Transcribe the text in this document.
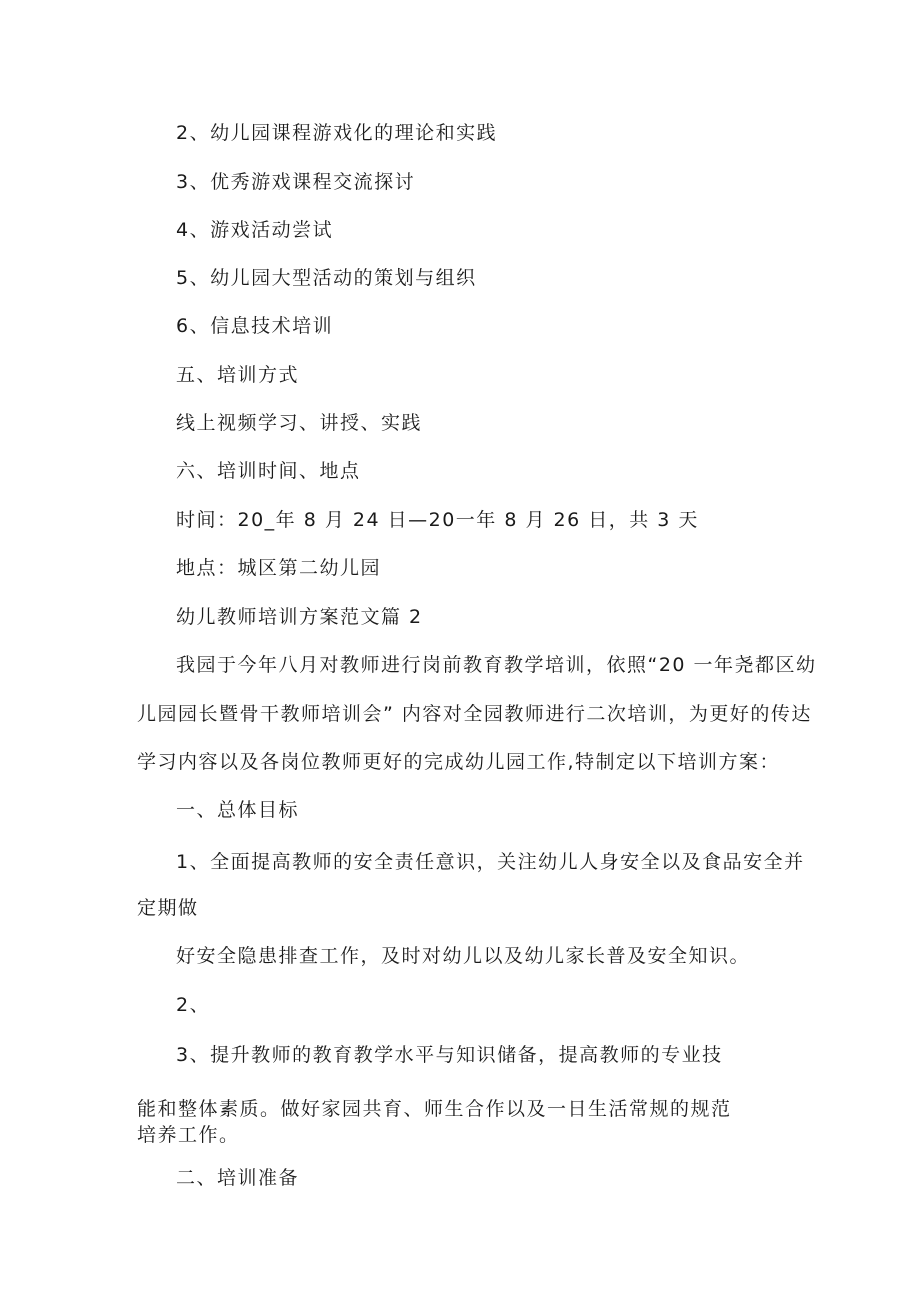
2、幼儿园课程游戏化的理论和实践
3、优秀游戏课程交流探讨
4、游戏活动尝试
5、幼儿园大型活动的策划与组织
6、信息技术培训
五、培训方式
线上视频学习、讲授、实践
六、培训时间、地点
时间：20_年 8 月 24 日—20一年 8 月 26 日，共 3 天
地点：城区第二幼儿园
幼儿教师培训方案范文篇 2
我园于今年八月对教师进行岗前教育教学培训，依照“20 一年尧都区幼
儿园园长暨骨干教师培训会” 内容对全园教师进行二次培训，为更好的传达
学习内容以及各岗位教师更好的完成幼儿园工作,特制定以下培训方案：
一、总体目标
1、全面提高教师的安全责任意识，关注幼儿人身安全以及食品安全并
定期做
好安全隐患排查工作，及时对幼儿以及幼儿家长普及安全知识。
2、
3、提升教师的教育教学水平与知识储备，提高教师的专业技
能和整体素质。做好家园共育、师生合作以及一日生活常规的规范
培养工作。
二、培训准备
